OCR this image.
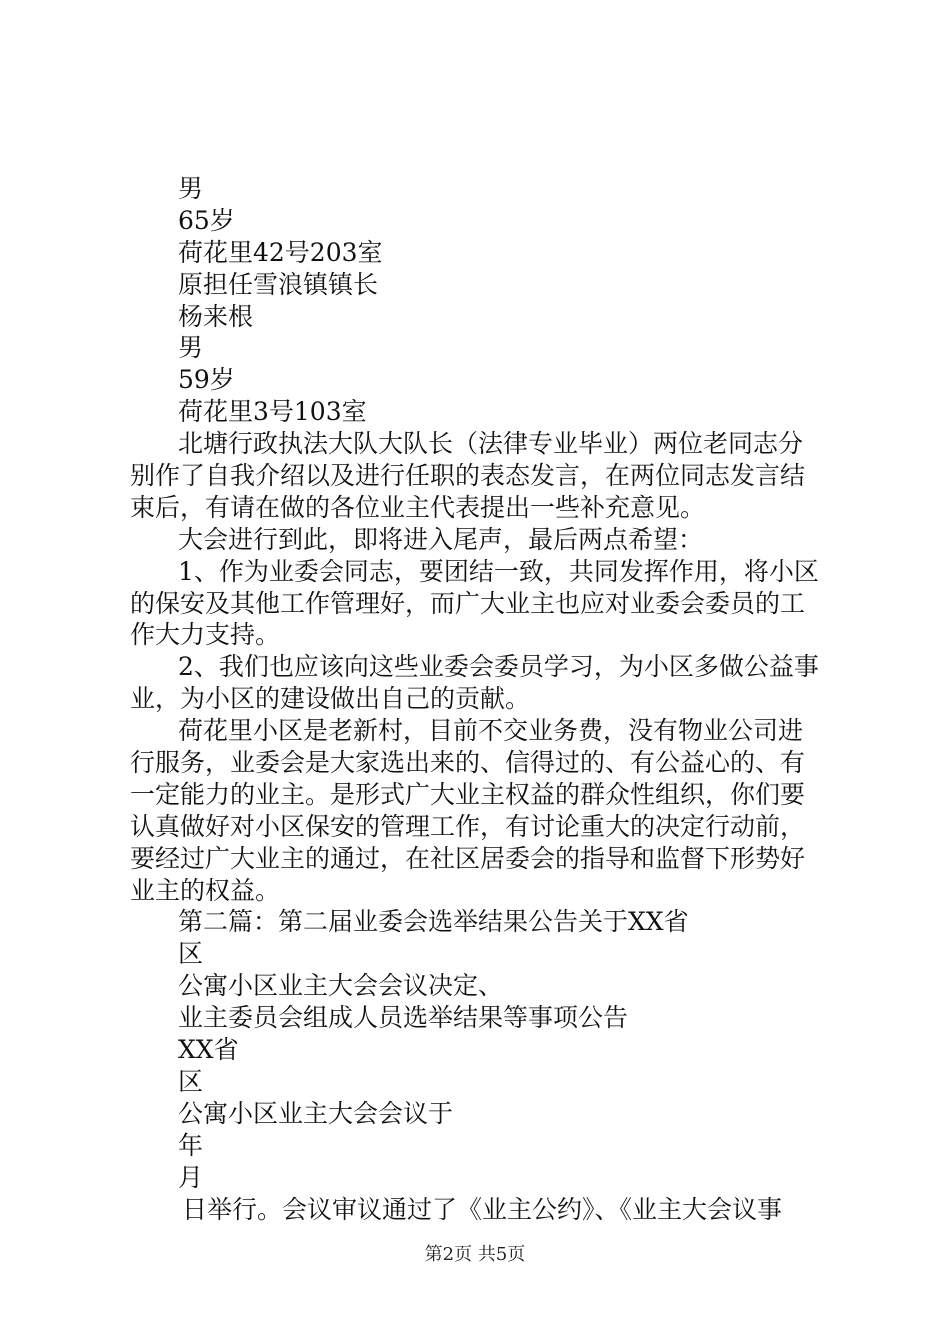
男
65岁
荷花里42号203室
原担任雪浪镇镇长
杨来根
男
59岁
荷花里3号103室
北塘行政执法大队大队长（法律专业毕业）两位老同志分
别作了自我介绍以及进行任职的表态发言，在两位同志发言结
束后，有请在做的各位业主代表提出一些补充意见。
大会进行到此，即将进入尾声，最后两点希望：
1、作为业委会同志，要团结一致，共同发挥作用，将小区
的保安及其他工作管理好，而广大业主也应对业委会委员的工
作大力支持。
2、我们也应该向这些业委会委员学习，为小区多做公益事
业，为小区的建设做出自己的贡献。
荷花里小区是老新村，目前不交业务费，没有物业公司进
行服务，业委会是大家选出来的、信得过的、有公益心的、有
一定能力的业主。是形式广大业主权益的群众性组织，你们要
认真做好对小区保安的管理工作，有讨论重大的决定行动前，
要经过广大业主的通过，在社区居委会的指导和监督下形势好
业主的权益。
第二篇：第二届业委会选举结果公告关于XX省
区
公寓小区业主大会会议决定、
业主委员会组成人员选举结果等事项公告
XX省
区
公寓小区业主大会会议于
年
月
日举行。会议审议通过了《业主公约》、《业主大会议事
第2页 共5页
